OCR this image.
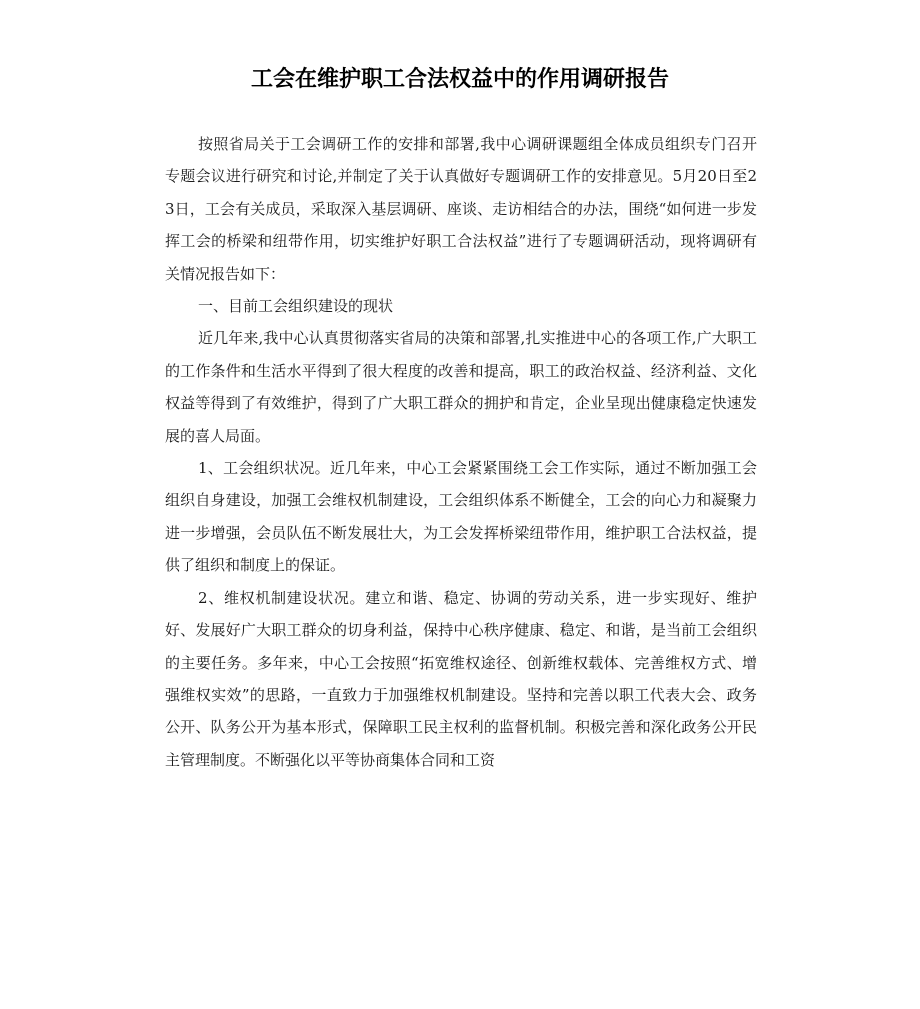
工会在维护职工合法权益中的作用调研报告

按照省局关于工会调研工作的安排和部署,我中心调研课题组全体成员组织专门召开专题会议进行研究和讨论,并制定了关于认真做好专题调研工作的安排意见。5月20日至23日，工会有关成员，采取深入基层调研、座谈、走访相结合的办法，围绕“如何进一步发挥工会的桥梁和纽带作用，切实维护好职工合法权益”进行了专题调研活动，现将调研有关情况报告如下：

一、目前工会组织建设的现状

近几年来,我中心认真贯彻落实省局的决策和部署,扎实推进中心的各项工作,广大职工的工作条件和生活水平得到了很大程度的改善和提高，职工的政治权益、经济利益、文化权益等得到了有效维护，得到了广大职工群众的拥护和肯定，企业呈现出健康稳定快速发展的喜人局面。

1、工会组织状况。近几年来，中心工会紧紧围绕工会工作实际，通过不断加强工会组织自身建设，加强工会维权机制建设，工会组织体系不断健全，工会的向心力和凝聚力进一步增强，会员队伍不断发展壮大，为工会发挥桥梁纽带作用，维护职工合法权益，提供了组织和制度上的保证。

2、维权机制建设状况。建立和谐、稳定、协调的劳动关系，进一步实现好、维护好、发展好广大职工群众的切身利益，保持中心秩序健康、稳定、和谐，是当前工会组织的主要任务。多年来，中心工会按照“拓宽维权途径、创新维权载体、完善维权方式、增强维权实效”的思路，一直致力于加强维权机制建设。坚持和完善以职工代表大会、政务公开、队务公开为基本形式，保障职工民主权利的监督机制。积极完善和深化政务公开民主管理制度。不断强化以平等协商集体合同和工资
